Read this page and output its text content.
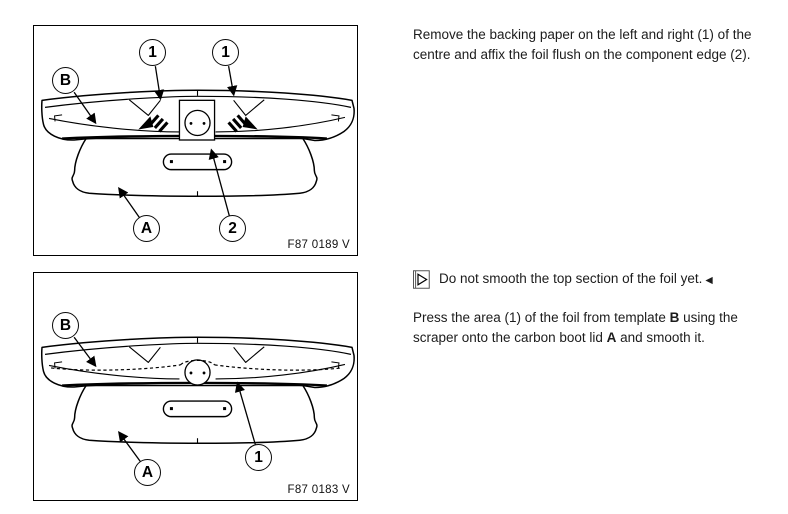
B
1	1
A	2
F87 0189 V
B
A
1
F87 0183 V

Remove the backing paper on the left and right (1) of the centre and affix the foil flush on the component edge (2).

Do not smooth the top section of the foil yet. ◀

Press the area (1) of the foil from template B using the scraper onto the carbon boot lid A and smooth it.
